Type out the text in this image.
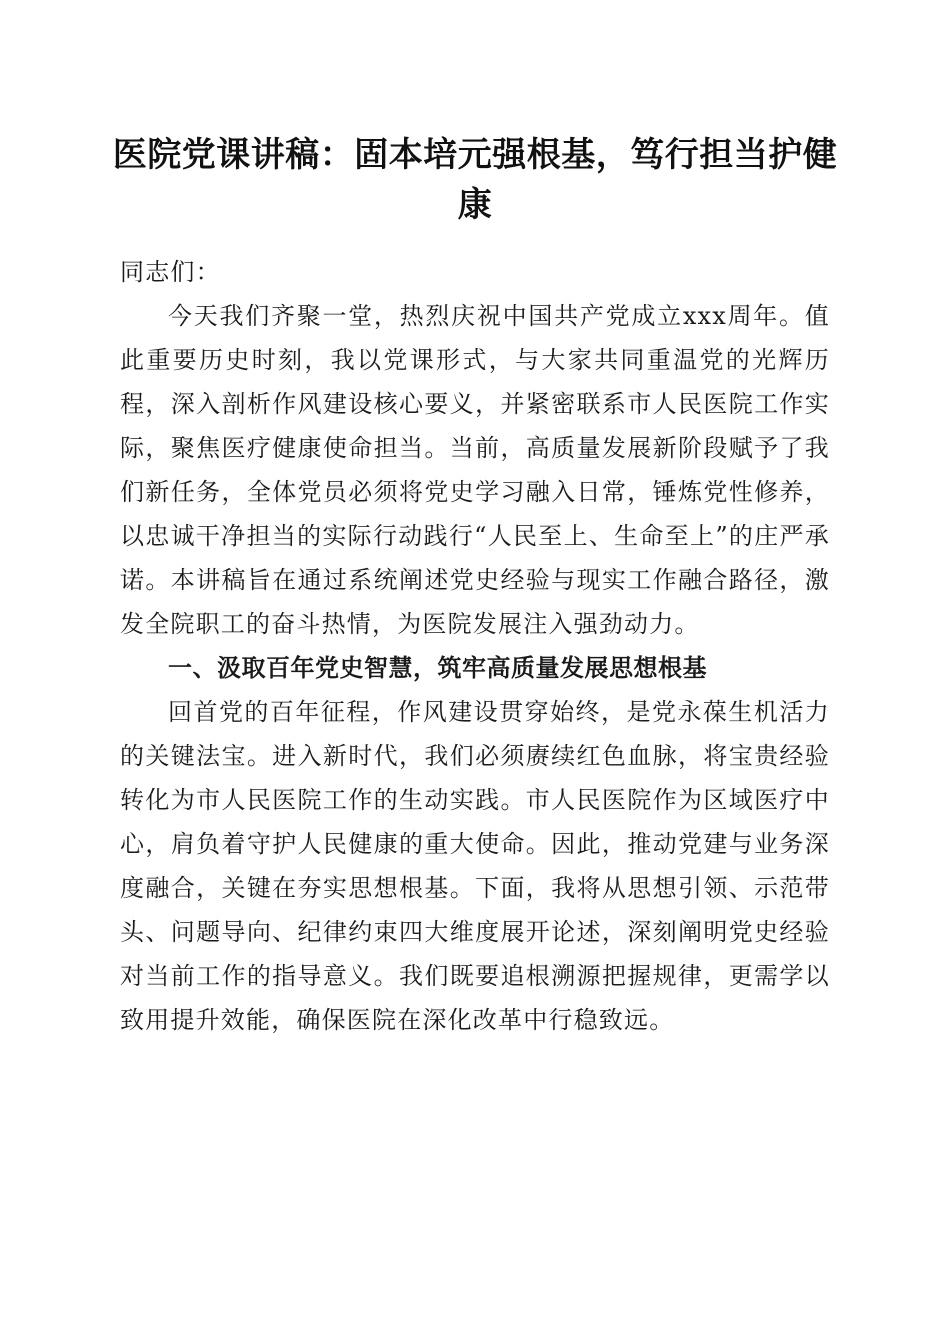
医院党课讲稿：固本培元强根基，笃行担当护健康

同志们：

今天我们齐聚一堂，热烈庆祝中国共产党成立xxx周年。值此重要历史时刻，我以党课形式，与大家共同重温党的光辉历程，深入剖析作风建设核心要义，并紧密联系市人民医院工作实际，聚焦医疗健康使命担当。当前，高质量发展新阶段赋予了我们新任务，全体党员必须将党史学习融入日常，锤炼党性修养，以忠诚干净担当的实际行动践行“人民至上、生命至上”的庄严承诺。本讲稿旨在通过系统阐述党史经验与现实工作融合路径，激发全院职工的奋斗热情，为医院发展注入强劲动力。

一、汲取百年党史智慧，筑牢高质量发展思想根基

回首党的百年征程，作风建设贯穿始终，是党永葆生机活力的关键法宝。进入新时代，我们必须赓续红色血脉，将宝贵经验转化为市人民医院工作的生动实践。市人民医院作为区域医疗中心，肩负着守护人民健康的重大使命。因此，推动党建与业务深度融合，关键在夯实思想根基。下面，我将从思想引领、示范带头、问题导向、纪律约束四大维度展开论述，深刻阐明党史经验对当前工作的指导意义。我们既要追根溯源把握规律，更需学以致用提升效能，确保医院在深化改革中行稳致远。
